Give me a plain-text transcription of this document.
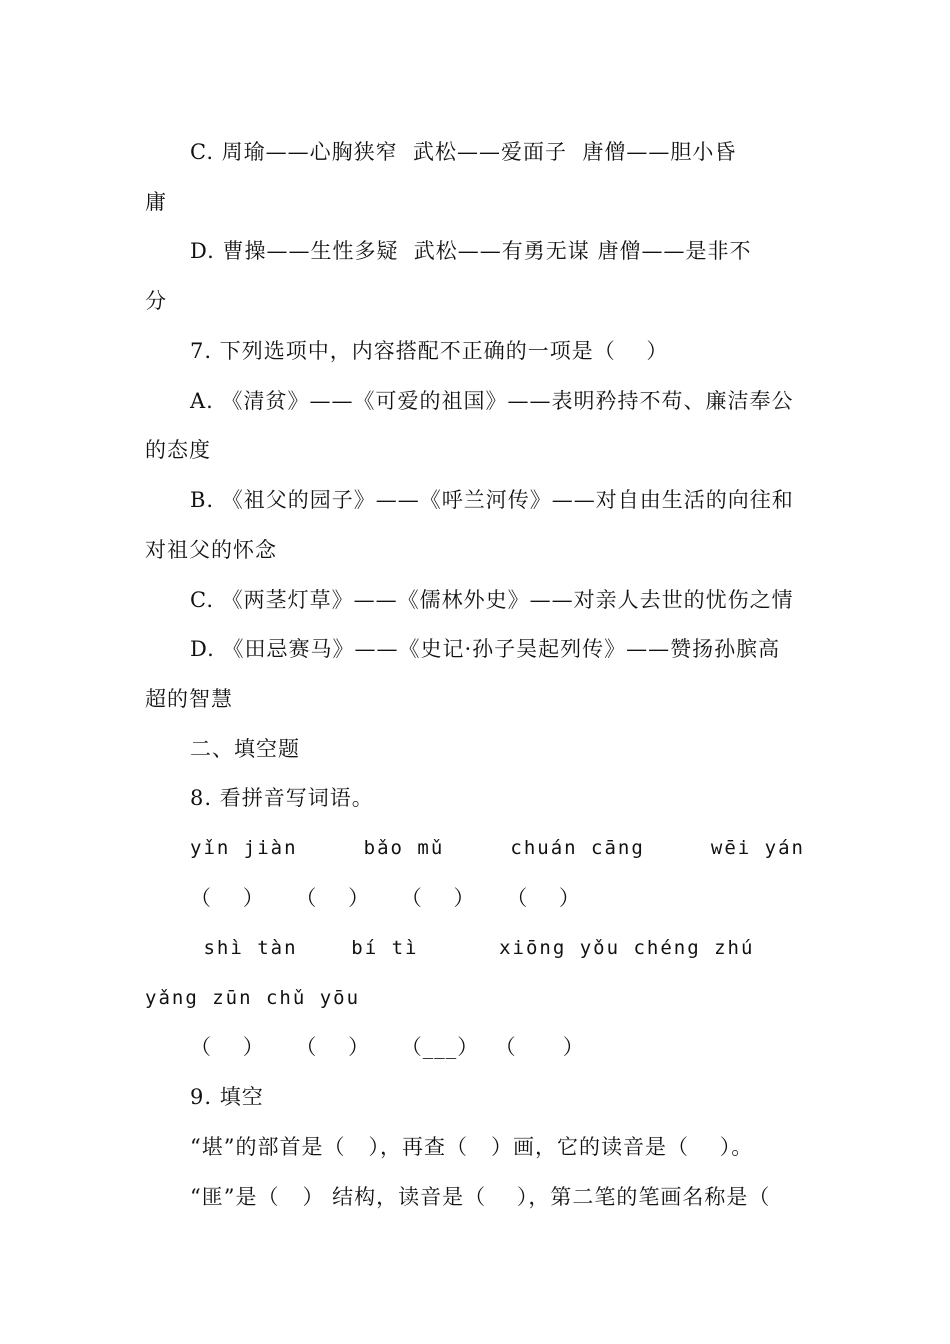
C. 周瑜——心胸狭窄  武松——爱面子  唐僧——胆小昏
庸
D. 曹操——生性多疑  武松——有勇无谋 唐僧——是非不
分
7. 下列选项中，内容搭配不正确的一项是（    ）
A. 《清贫》——《可爱的祖国》——表明矜持不苟、廉洁奉公
的态度
B. 《祖父的园子》——《呼兰河传》——对自由生活的向往和
对祖父的怀念
C. 《两茎灯草》——《儒林外史》——对亲人去世的忧伤之情
D. 《田忌赛马》——《史记·孙子吴起列传》——赞扬孙膑高
超的智慧
二、填空题
8. 看拼音写词语。
yǐn jiàn	bǎo mǔ	chuán cāng	wēi yán
（    ）    （    ）    （    ）    （    ）
shì tàn    bí tì      xiōng yǒu chéng zhú
yǎng zūn chǔ yōu
（    ）    （    ）    （___）  （      ）
9. 填空
“堪”的部首是（   ），再查（   ）画，它的读音是（    ）。
“匪”是（   ） 结构，读音是（    ），第二笔的笔画名称是（
